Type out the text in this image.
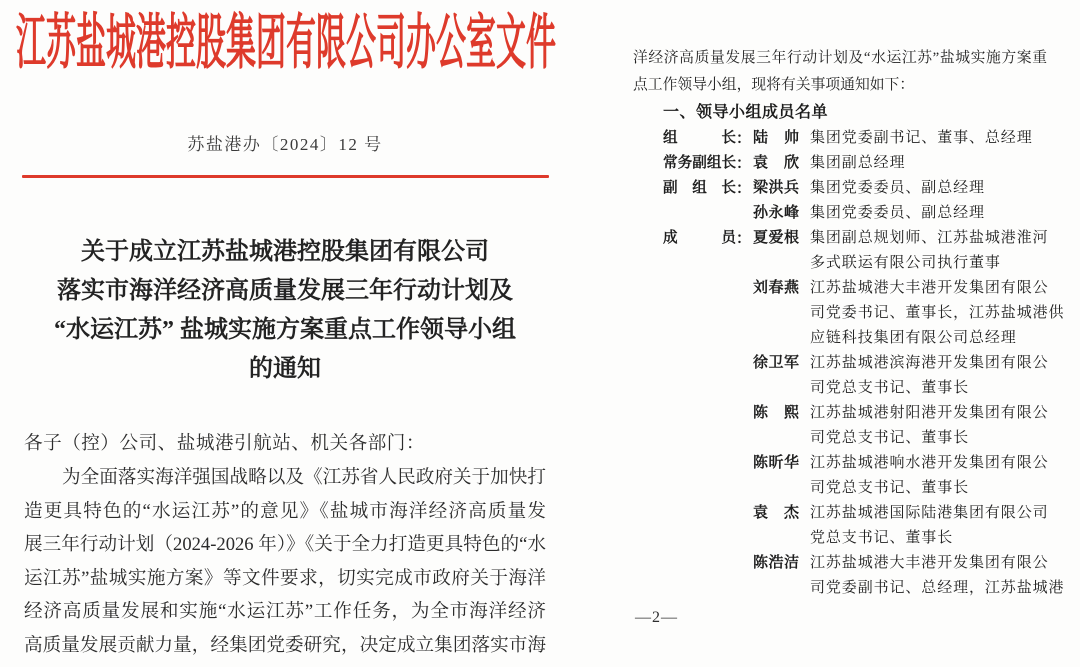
江苏盐城港控股集团有限公司办公室文件
苏盐港办〔2024〕12 号
关于成立江苏盐城港控股集团有限公司
落实市海洋经济高质量发展三年行动计划及
“水运江苏” 盐城实施方案重点工作领导小组
的通知
各子（控）公司、盐城港引航站、机关各部门：
为全面落实海洋强国战略以及《江苏省人民政府关于加快打
造更具特色的“水运江苏”的意见》《盐城市海洋经济高质量发
展三年行动计划（2024-2026 年）》《关于全力打造更具特色的“水
运江苏”盐城实施方案》等文件要求，切实完成市政府关于海洋
经济高质量发展和实施“水运江苏”工作任务，为全市海洋经济
高质量发展贡献力量，经集团党委研究，决定成立集团落实市海
洋经济高质量发展三年行动计划及“水运江苏”盐城实施方案重
点工作领导小组，现将有关事项通知如下：
一、领导小组成员名单
组	长 ： 陆 帅 集团党委副书记、董事、总经理
常 务 副 组 长 ： 袁 欣 集团副总经理
副 组 长 ： 梁 洪 兵 集团党委委员、副总经理
孙 永 峰 集团党委委员、副总经理
成	员 ： 夏 爱 根 集团副总规划师、江苏盐城港淮河
多式联运有限公司执行董事
刘 春 燕 江苏盐城港大丰港开发集团有限公
司党委书记、董事长，江苏盐城港供
应链科技集团有限公司总经理
徐 卫 军 江苏盐城港滨海港开发集团有限公
司党总支书记、董事长
陈 熙 江苏盐城港射阳港开发集团有限公
司党总支书记、董事长
陈 昕 华 江苏盐城港响水港开发集团有限公
司党总支书记、董事长
袁 杰 江苏盐城港国际陆港集团有限公司
党总支书记、董事长
陈 浩 洁 江苏盐城港大丰港开发集团有限公
司党委副书记、总经理，江苏盐城港
—2—
